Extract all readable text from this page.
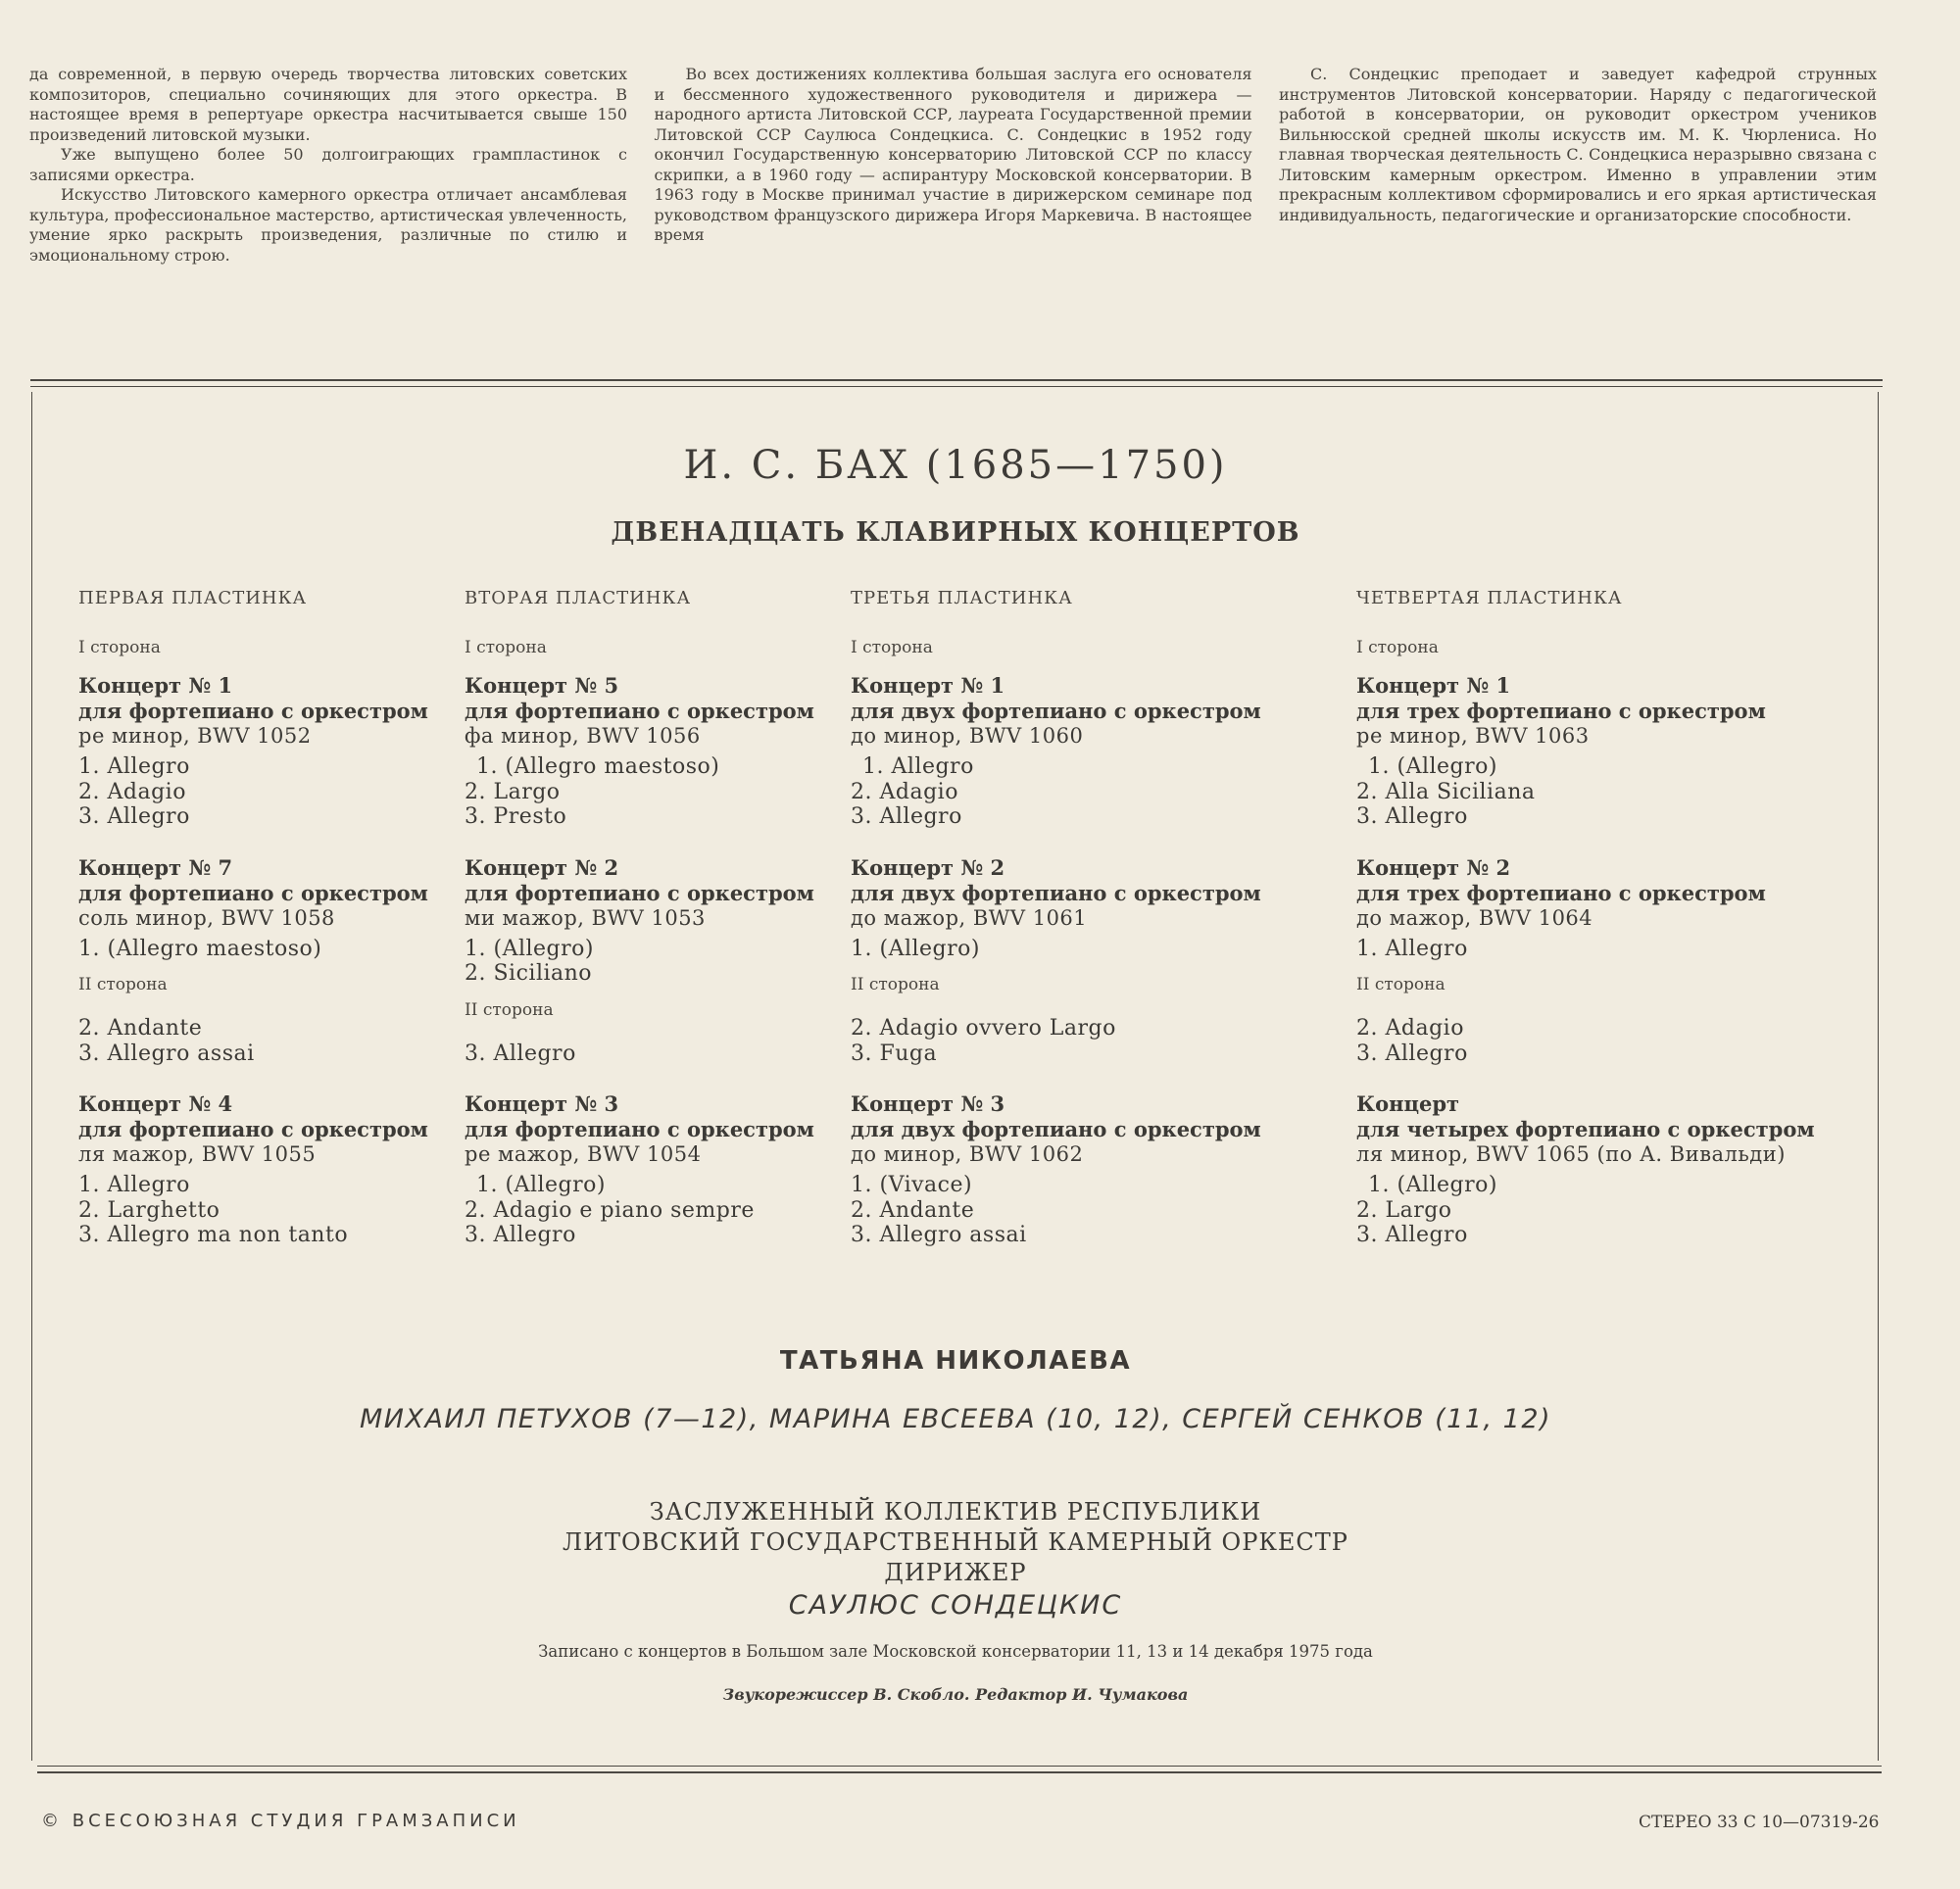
да современной, в первую очередь творчества литовских советских композиторов, специально сочиняющих для этого оркестра. В настоящее время в репертуаре оркестра насчитывается свыше 150 произведений литовской музыки.

Уже выпущено более 50 долгоиграющих грампластинок с записями оркестра.

Искусство Литовского камерного оркестра отличает ансамблевая культура, профессиональное мастерство, артистическая увлеченность, умение ярко раскрыть произведения, различные по стилю и эмоциональному строю.

Во всех достижениях коллектива большая заслуга его основателя и бессменного художественного руководителя и дирижера — народного артиста Литовской ССР, лауреата Государственной премии Литовской ССР Саулюса Сондецкиса. С. Сондецкис в 1952 году окончил Государственную консерваторию Литовской ССР по классу скрипки, а в 1960 году — аспирантуру Московской консерватории. В 1963 году в Москве принимал участие в дирижерском семинаре под руководством французского дирижера Игоря Маркевича. В настоящее время

С. Сондецкис преподает и заведует кафедрой струнных инструментов Литовской консерватории. Наряду с педагогической работой в консерватории, он руководит оркестром учеников Вильнюсской средней школы искусств им. М. К. Чюрлениса. Но главная творческая деятельность С. Сондецкиса неразрывно связана с Литовским камерным оркестром. Именно в управлении этим прекрасным коллективом сформировались и его яркая артистическая индивидуальность, педагогические и организаторские способности.

И. С. БАХ (1685—1750)
ДВЕНАДЦАТЬ КЛАВИРНЫХ КОНЦЕРТОВ
ПЕРВАЯ ПЛАСТИНКА
I сторона
Концерт № 1
для фортепиано с оркестром
ре минор, BWV 1052
1. Allegro
2. Adagio
3. Allegro
Концерт № 7
для фортепиано с оркестром
соль минор, BWV 1058
1. (Allegro maestoso)
II сторона
2. Andante
3. Allegro assai
Концерт № 4
для фортепиано с оркестром
ля мажор, BWV 1055
1. Allegro
2. Larghetto
3. Allegro ma non tanto
ВТОРАЯ ПЛАСТИНКА
I сторона
Концерт № 5
для фортепиано с оркестром
фа минор, BWV 1056
1. (Allegro maestoso)
2. Largo
3. Presto
Концерт № 2
для фортепиано с оркестром
ми мажор, BWV 1053
1. (Allegro)
2. Siciliano
II сторона
3. Allegro
Концерт № 3
для фортепиано с оркестром
ре мажор, BWV 1054
1. (Allegro)
2. Adagio e piano sempre
3. Allegro
ТРЕТЬЯ ПЛАСТИНКА
I сторона
Концерт № 1
для двух фортепиано с оркестром
до минор, BWV 1060
1. Allegro
2. Adagio
3. Allegro
Концерт № 2
для двух фортепиано с оркестром
до мажор, BWV 1061
1. (Allegro)
II сторона
2. Adagio ovvero Largo
3. Fuga
Концерт № 3
для двух фортепиано с оркестром
до минор, BWV 1062
1. (Vivace)
2. Andante
3. Allegro assai
ЧЕТВЕРТАЯ ПЛАСТИНКА
I сторона
Концерт № 1
для трех фортепиано с оркестром
ре минор, BWV 1063
1. (Allegro)
2. Alla Siciliana
3. Allegro
Концерт № 2
для трех фортепиано с оркестром
до мажор, BWV 1064
1. Allegro
II сторона
2. Adagio
3. Allegro
Концерт
для четырех фортепиано с оркестром
ля минор, BWV 1065 (по А. Вивальди)
1. (Allegro)
2. Largo
3. Allegro
ТАТЬЯНА НИКОЛАЕВА
МИХАИЛ ПЕТУХОВ (7—12), МАРИНА ЕВСЕЕВА (10, 12), СЕРГЕЙ СЕНКОВ (11, 12)
ЗАСЛУЖЕННЫЙ КОЛЛЕКТИВ РЕСПУБЛИКИ
ЛИТОВСКИЙ ГОСУДАРСТВЕННЫЙ КАМЕРНЫЙ ОРКЕСТР
ДИРИЖЕР
САУЛЮС СОНДЕЦКИС
Записано с концертов в Большом зале Московской консерватории 11, 13 и 14 декабря 1975 года
Звукорежиссер В. Скобло. Редактор И. Чумакова
© ВСЕСОЮЗНАЯ СТУДИЯ ГРАМЗАПИСИ	СТЕРЕО 33 С 10—07319-26
